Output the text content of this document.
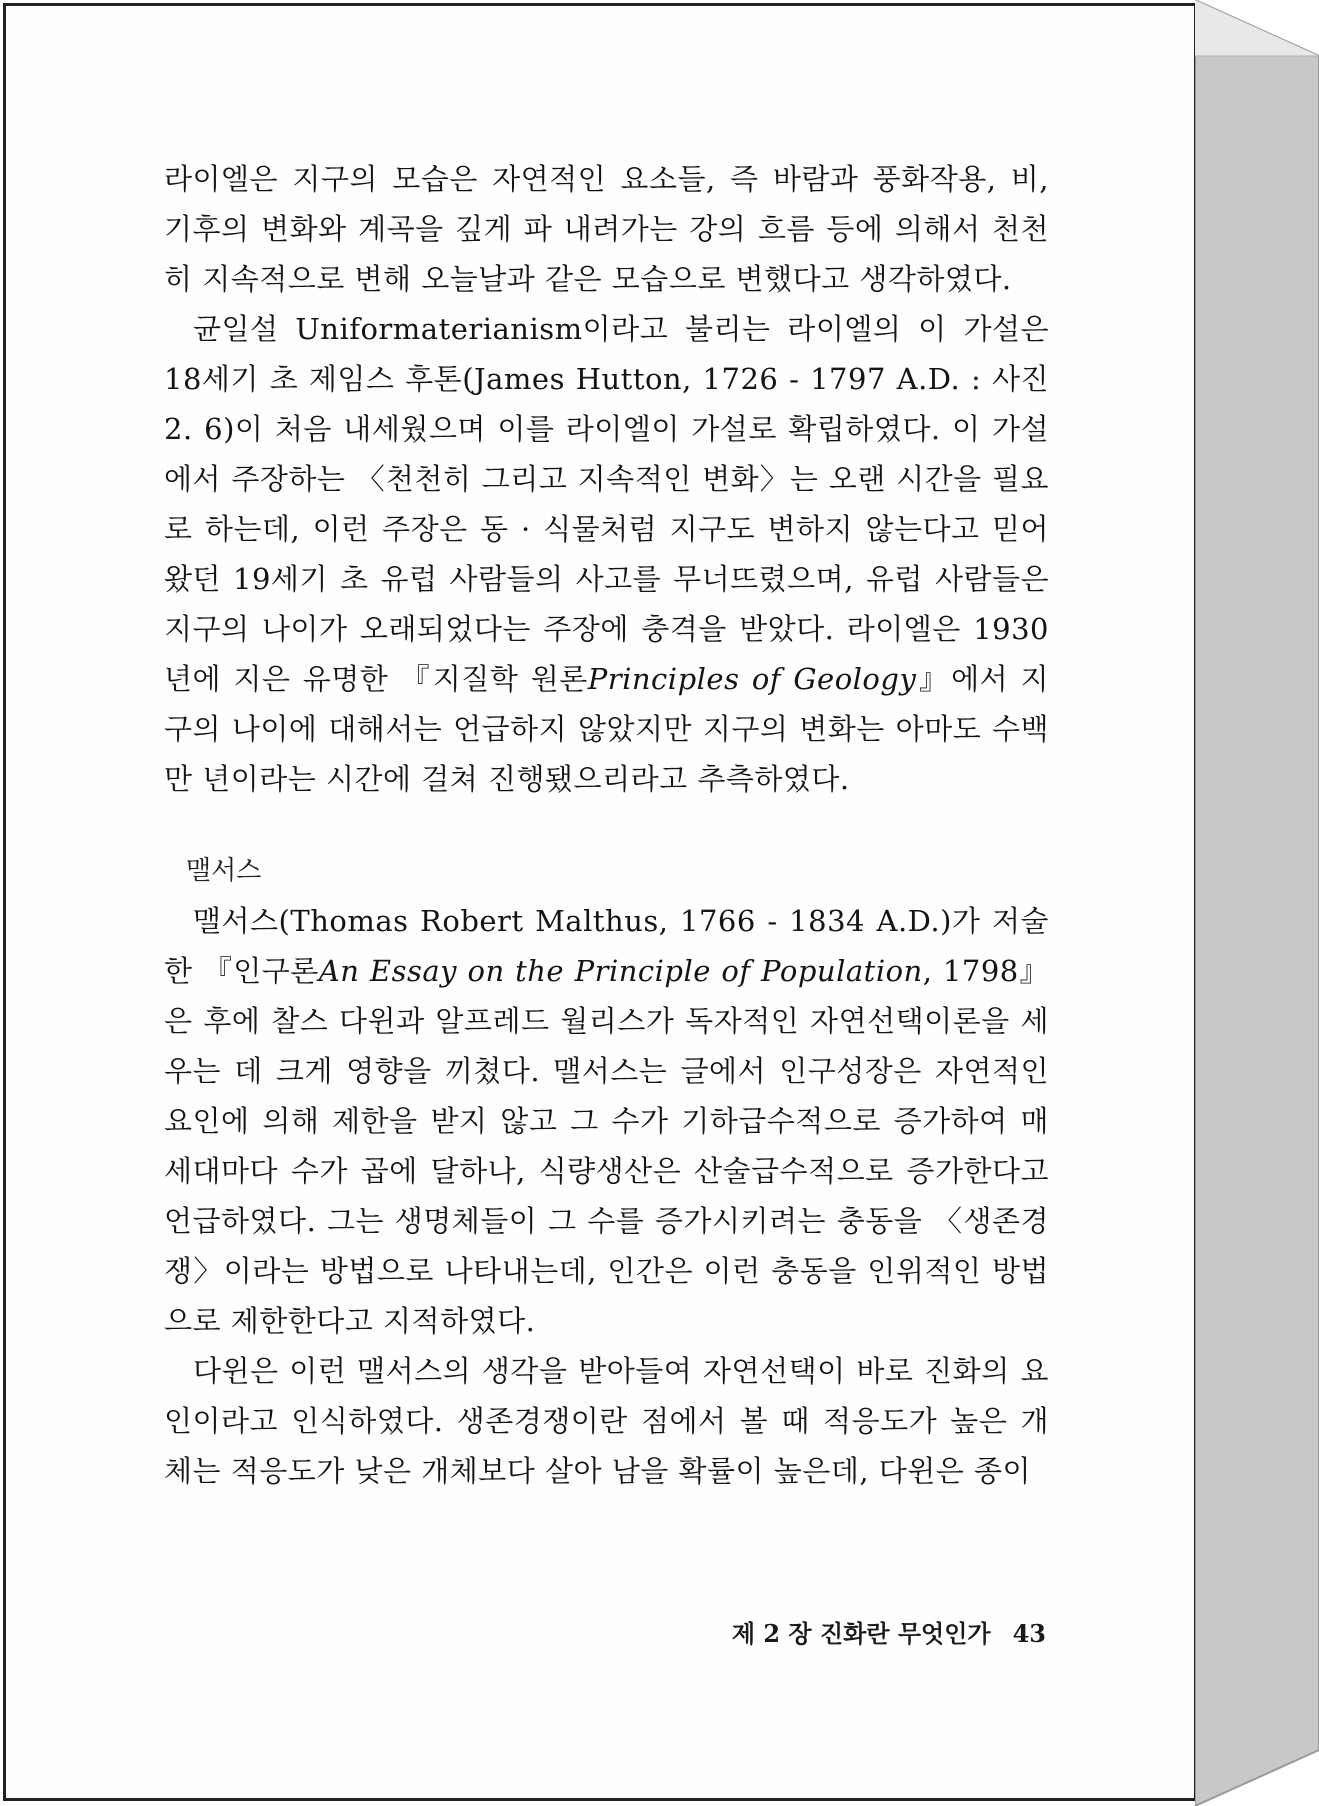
라이엘은 지구의 모습은 자연적인 요소들, 즉 바람과 풍화작용, 비, 기후의 변화와 계곡을 깊게 파 내려가는 강의 흐름 등에 의해서 천천히 지속적으로 변해 오늘날과 같은 모습으로 변했다고 생각하였다.

균일설 Uniformaterianism이라고 불리는 라이엘의 이 가설은 18세기 초 제임스 후톤(James Hutton, 1726 - 1797 A.D. : 사진 2. 6)이 처음 내세웠으며 이를 라이엘이 가설로 확립하였다. 이 가설에서 주장하는 〈천천히 그리고 지속적인 변화〉는 오랜 시간을 필요로 하는데, 이런 주장은 동 · 식물처럼 지구도 변하지 않는다고 믿어왔던 19세기 초 유럽 사람들의 사고를 무너뜨렸으며, 유럽 사람들은 지구의 나이가 오래되었다는 주장에 충격을 받았다. 라이엘은 1930년에 지은 유명한 『지질학 원론Principles of Geology』에서 지구의 나이에 대해서는 언급하지 않았지만 지구의 변화는 아마도 수백만 년이라는 시간에 걸쳐 진행됐으리라고 추측하였다.

맬서스

맬서스(Thomas Robert Malthus, 1766 - 1834 A.D.)가 저술한 『인구론An Essay on the Principle of Population, 1798』은 후에 찰스 다윈과 알프레드 월리스가 독자적인 자연선택이론을 세우는 데 크게 영향을 끼쳤다. 맬서스는 글에서 인구성장은 자연적인 요인에 의해 제한을 받지 않고 그 수가 기하급수적으로 증가하여 매세대마다 수가 곱에 달하나, 식량생산은 산술급수적으로 증가한다고 언급하였다. 그는 생명체들이 그 수를 증가시키려는 충동을 〈생존경쟁〉이라는 방법으로 나타내는데, 인간은 이런 충동을 인위적인 방법으로 제한한다고 지적하였다.

다윈은 이런 맬서스의 생각을 받아들여 자연선택이 바로 진화의 요인이라고 인식하였다. 생존경쟁이란 점에서 볼 때 적응도가 높은 개체는 적응도가 낮은 개체보다 살아 남을 확률이 높은데, 다윈은 종이

제 2 장 진화란 무엇인가 43
